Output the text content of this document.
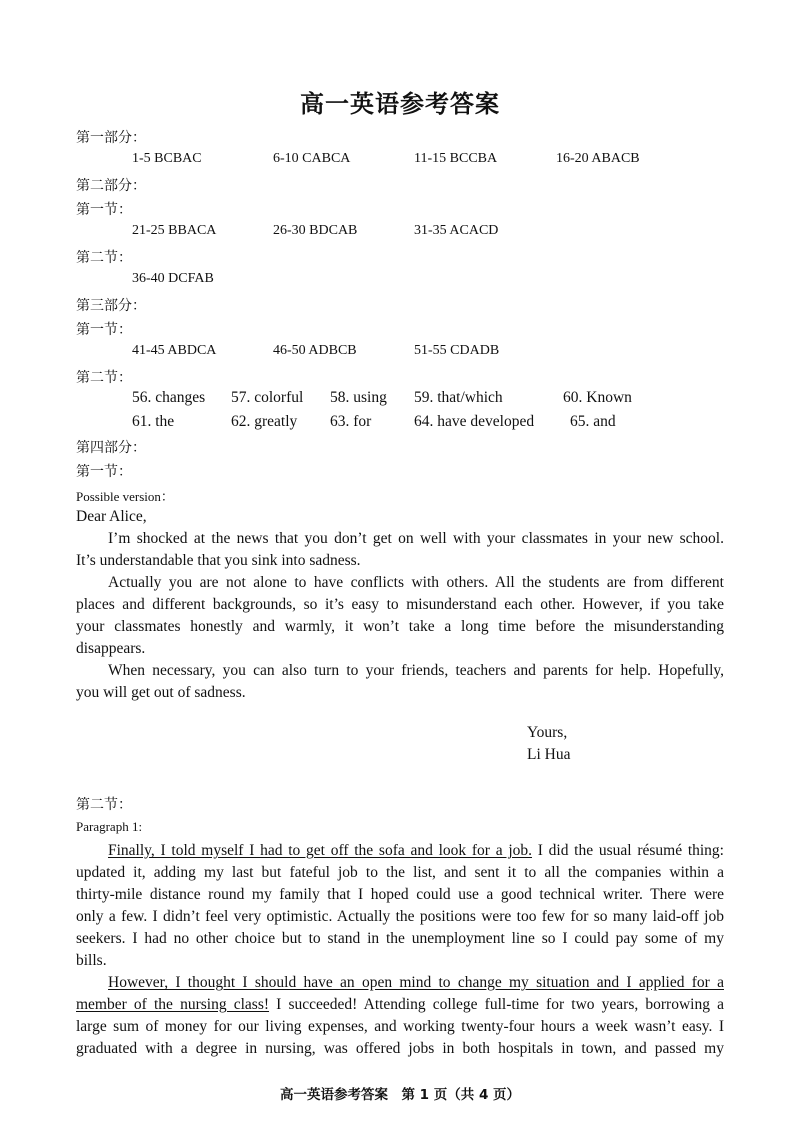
高一英语参考答案
第一部分：
1-5 BCBAC	6-10 CABCA	11-15 BCCBA	16-20 ABACB
第二部分：
第一节：
21-25 BBACA	26-30 BDCAB	31-35 ACACD
第二节：
36-40 DCFAB
第三部分：
第一节：
41-45 ABDCA	46-50 ADBCB	51-55 CDADB
第二节：
56. changes 57. colorful 58. using 59. that/which	60. Known
61. the	62. greatly 63. for	64. have developed 65. and
第四部分：
第一节：
Possible version：
Dear Alice,
I’m shocked at the news that you don’t get on well with your classmates in your new school.
It’s understandable that you sink into sadness.
Actually you are not alone to have conflicts with others. All the students are from different
places and different backgrounds, so it’s easy to misunderstand each other. However, if you take
your classmates honestly and warmly, it won’t take a long time before the misunderstanding
disappears.
When necessary, you can also turn to your friends, teachers and parents for help. Hopefully,
you will get out of sadness.
Yours,
Li Hua
第二节：
Paragraph 1:
Finally, I told myself I had to get off the sofa and look for a job. I did the usual résumé thing:
updated it, adding my last but fateful job to the list, and sent it to all the companies within a
thirty-mile distance round my family that I hoped could use a good technical writer. There were
only a few. I didn’t feel very optimistic. Actually the positions were too few for so many laid-off job
seekers. I had no other choice but to stand in the unemployment line so I could pay some of my
bills.
However, I thought I should have an open mind to change my situation and I applied for a
member of the nursing class! I succeeded! Attending college full-time for two years, borrowing a
large sum of money for our living expenses, and working twenty-four hours a week wasn’t easy. I
graduated with a degree in nursing, was offered jobs in both hospitals in town, and passed my
高一英语参考答案　第 1 页（共 4 页）
